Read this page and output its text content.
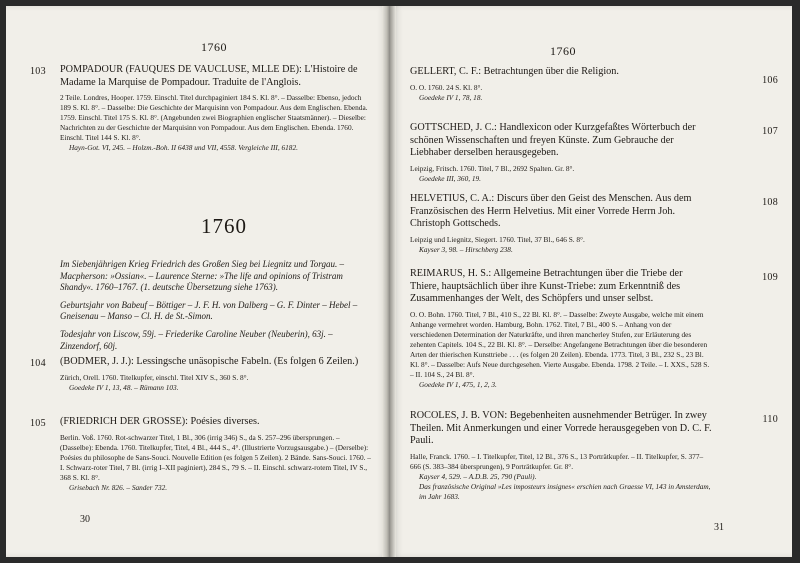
1760
103 POMPADOUR (FAUQUES DE VAUCLUSE, MLLE DE): L'Histoire de Madame la Marquise de Pompadour. Traduite de l'Anglois.

2 Teile. Londres, Hooper. 1759. Einschl. Titel durchpaginiert 184 S. Kl. 8°. – Dasselbe: Ebenso, jedoch 189 S. Kl. 8°. – Dasselbe: Die Geschichte der Marquisinn von Pompadour. Aus dem Englischen. Ebenda. 1759. Einschl. Titel 175 S. Kl. 8°. (Angebunden zwei Biographien englischer Staatsmänner). – Dieselbe: Nachrichten zu der Geschichte der Marquisinn von Pompadour. Aus dem Englischen. Ebenda. 1760. Einschl. Titel 144 S. Kl. 8°.

Hayn-Got. VI, 245. – Holzm.-Boh. II 6438 und VII, 4558. Vergleiche III, 6182.

1760

Im Siebenjährigen Krieg Friedrich des Großen Sieg bei Liegnitz und Torgau. – Macpherson: »Ossian«. – Laurence Sterne: »The life and opinions of Tristram Shandy«. 1760–1767. (1. deutsche Übersetzung siehe 1763).

Geburtsjahr von Babeuf – Böttiger – J. F. H. von Dalberg – G. F. Dinter – Hebel – Gneisenau – Manso – Cl. H. de St.-Simon.

Todesjahr von Liscow, 59j. – Friederike Caroline Neuber (Neuberin), 63j. – Zinzendorf, 60j.

104 (BODMER, J. J.): Lessingsche unäsopische Fabeln. (Es folgen 6 Zeilen.)

Zürich, Orell. 1760. Titelkupfer, einschl. Titel XIV S., 360 S. 8°.

Goedeke IV 1, 13, 48. – Rümann 103.

105 (FRIEDRICH DER GROSSE): Poésies diverses.

Berlin. Voß. 1760. Rot-schwarzer Titel, 1 Bl., 306 (irrig 346) S., da S. 257–296 übersprungen. – (Dasselbe): Ebenda. 1760. Titelkupfer, Titel, 4 Bl., 444 S., 4°. (Illustrierte Vorzugsausgabe.) – (Derselbe): Poésies du philosophe de Sans-Souci. Nouvelle Edition (es folgen 5 Zeilen). 2 Bände. Sans-Souci. 1760. – I. Schwarz-roter Titel, 7 Bl. (irrig I–XII paginiert), 284 S., 79 S. – II. Einschl. schwarz-rotem Titel, IV S., 368 S. Kl. 8°.

Grisebach Nr. 826. – Sander 732.

30
1760
106

GELLERT, C. F.: Betrachtungen über die Religion.

O. O. 1760. 24 S. Kl. 8°.

Goedeke IV 1, 78, 18.

107

GOTTSCHED, J. C.: Handlexicon oder Kurzgefaßtes Wörterbuch der schönen Wissenschaften und freyen Künste. Zum Gebrauche der Liebhaber derselben herausgegeben.

Leipzig, Fritsch. 1760. Titel, 7 Bl., 2692 Spalten. Gr. 8°.

Goedeke III, 360, 19.

108

HELVETIUS, C. A.: Discurs über den Geist des Menschen. Aus dem Französischen des Herrn Helvetius. Mit einer Vorrede Herrn Joh. Christoph Gottscheds.

Leipzig und Liegnitz, Siegert. 1760. Titel, 37 Bl., 646 S. 8°.

Kayser 3, 98. – Hirschberg 238.

109

REIMARUS, H. S.: Allgemeine Betrachtungen über die Triebe der Thiere, hauptsächlich über ihre Kunst-Triebe: zum Erkenntniß des Zusammenhanges der Welt, des Schöpfers und unser selbst.

O. O. Bohn. 1760. Titel, 7 Bl., 410 S., 22 Bl. Kl. 8°. – Dasselbe: Zweyte Ausgabe, welche mit einem Anhange vermehret worden. Hamburg, Bohn. 1762. Titel, 7 Bl., 400 S. – Anhang von der verschiedenen Determination der Naturkräfte, und ihren mancherley Stufen, zur Erläuterung des zehenten Capitels. 104 S., 22 Bl. Kl. 8°. – Derselbe: Angefangene Betrachtungen über die besonderen Arten der thierischen Kunsttriebe . . . (es folgen 20 Zeilen). Ebenda. 1773. Titel, 3 Bl., 232 S., 23 Bl. Kl. 8°. – Dasselbe: Aufs Neue durchgesehen. Vierte Ausgabe. Ebenda. 1798. 2 Teile. – I. XXS., 528 S. – II. 104 S., 24 Bl. 8°.

Goedeke IV 1, 475, 1, 2, 3.

110

ROCOLES, J. B. VON: Begebenheiten ausnehmender Betrüger. In zwey Theilen. Mit Anmerkungen und einer Vorrede herausgegeben von D. C. F. Pauli.

Halle, Franck. 1760. – I. Titelkupfer, Titel, 12 Bl., 376 S., 13 Porträtkupfer. – II. Titelkupfer, S. 377–666 (S. 383–384 übersprungen), 9 Porträtkupfer. Gr. 8°.

Kayser 4, 529. – A.D.B. 25, 790 (Pauli).

Das französische Original »Les imposteurs insignes« erschien nach Graesse VI, 143 in Amsterdam, im Jahr 1683.

31
